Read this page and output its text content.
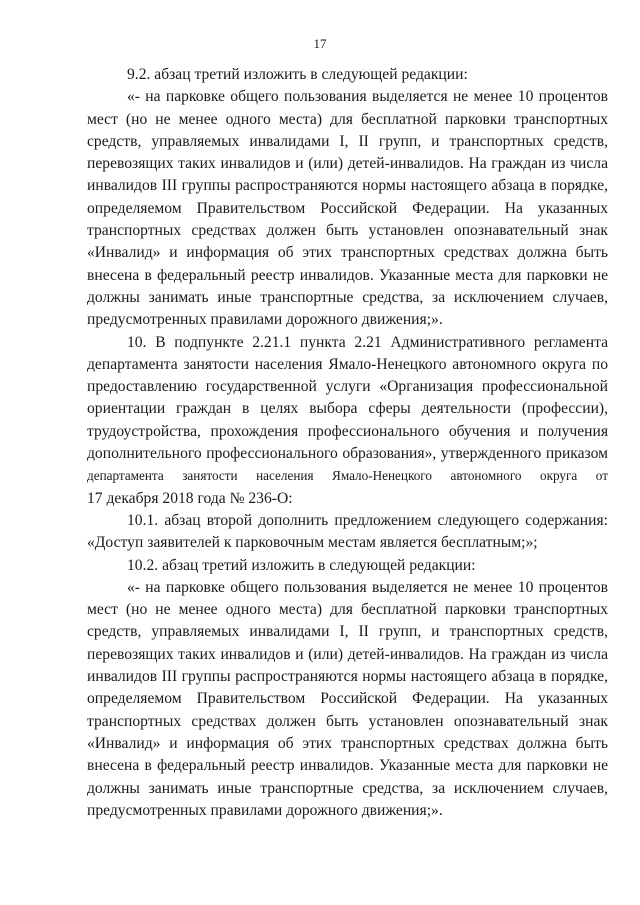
17

9.2. абзац третий изложить в следующей редакции:

«- на парковке общего пользования выделяется не менее 10 процентов мест (но не менее одного места) для бесплатной парковки транспортных средств, управляемых инвалидами I, II групп, и транспортных средств, перевозящих таких инвалидов и (или) детей-инвалидов. На граждан из числа инвалидов III группы распространяются нормы настоящего абзаца в порядке, определяемом Правительством Российской Федерации. На указанных транспортных средствах должен быть установлен опознавательный знак «Инвалид» и информация об этих транспортных средствах должна быть внесена в федеральный реестр инвалидов. Указанные места для парковки не должны занимать иные транспортные средства, за исключением случаев, предусмотренных правилами дорожного движения;».

10. В подпункте 2.21.1 пункта 2.21 Административного регламента департамента занятости населения Ямало-Ненецкого автономного округа по предоставлению государственной услуги «Организация профессиональной ориентации граждан в целях выбора сферы деятельности (профессии), трудоустройства, прохождения профессионального обучения и получения дополнительного профессионального образования», утвержденного приказом

департамента занятости населения Ямало-Ненецкого автономного округа от

17 декабря 2018 года № 236-О:

10.1. абзац второй дополнить предложением следующего содержания: «Доступ заявителей к парковочным местам является бесплатным;»;

10.2. абзац третий изложить в следующей редакции:

«- на парковке общего пользования выделяется не менее 10 процентов мест (но не менее одного места) для бесплатной парковки транспортных средств, управляемых инвалидами I, II групп, и транспортных средств, перевозящих таких инвалидов и (или) детей-инвалидов. На граждан из числа инвалидов III группы распространяются нормы настоящего абзаца в порядке, определяемом Правительством Российской Федерации. На указанных транспортных средствах должен быть установлен опознавательный знак «Инвалид» и информация об этих транспортных средствах должна быть внесена в федеральный реестр инвалидов. Указанные места для парковки не должны занимать иные транспортные средства, за исключением случаев, предусмотренных правилами дорожного движения;».
